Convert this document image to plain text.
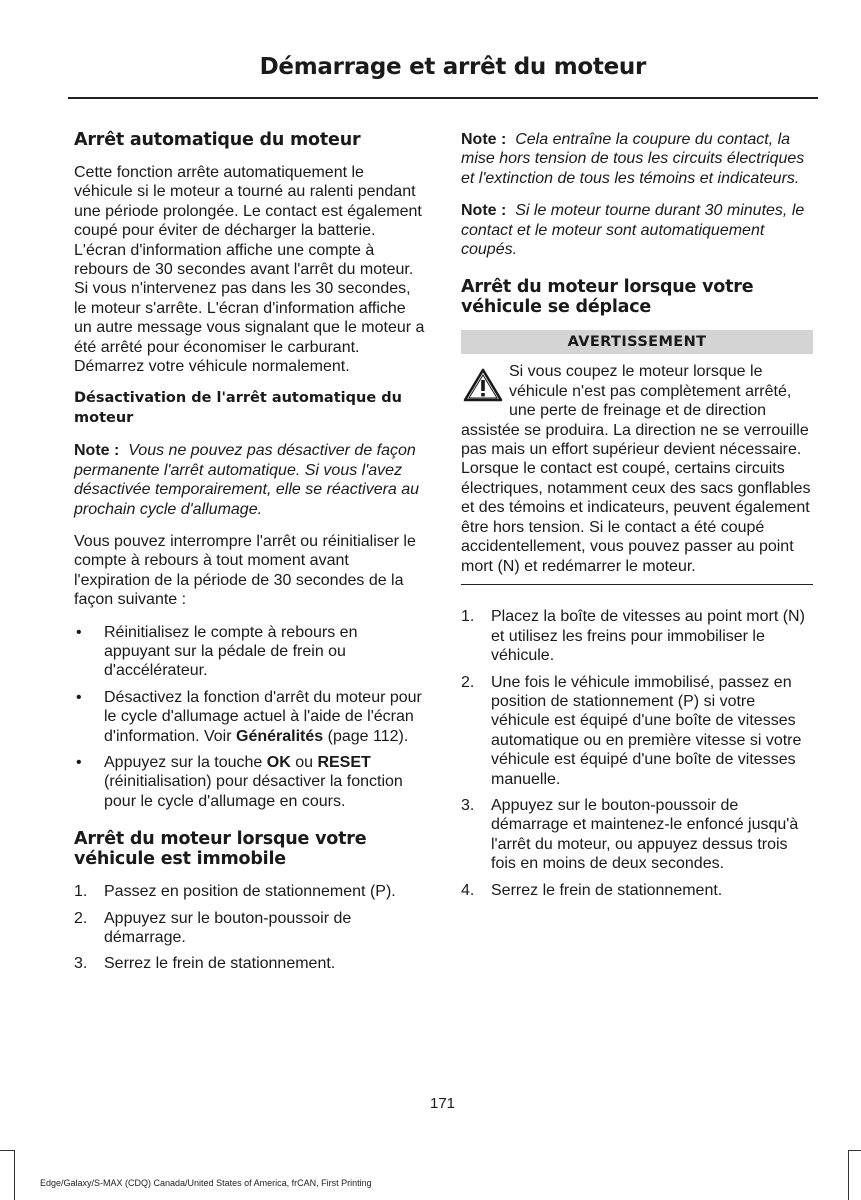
Démarrage et arrêt du moteur
Arrêt automatique du moteur

Cette fonction arrête automatiquement le véhicule si le moteur a tourné au ralenti pendant une période prolongée. Le contact est également coupé pour éviter de décharger la batterie. L'écran d'information affiche une compte à rebours de 30 secondes avant l'arrêt du moteur. Si vous n'intervenez pas dans les 30 secondes, le moteur s'arrête. L'écran d'information affiche un autre message vous signalant que le moteur a été arrêté pour économiser le carburant. Démarrez votre véhicule normalement.

Désactivation de l'arrêt automatique du moteur

Note : Vous ne pouvez pas désactiver de façon permanente l'arrêt automatique. Si vous l'avez désactivée temporairement, elle se réactivera au prochain cycle d'allumage.

Vous pouvez interrompre l'arrêt ou réinitialiser le compte à rebours à tout moment avant l'expiration de la période de 30 secondes de la façon suivante :

• Réinitialisez le compte à rebours en appuyant sur la pédale de frein ou d'accélérateur.
• Désactivez la fonction d'arrêt du moteur pour le cycle d'allumage actuel à l'aide de l'écran d'information. Voir Généralités (page 112).
• Appuyez sur la touche OK ou RESET (réinitialisation) pour désactiver la fonction pour le cycle d'allumage en cours.
Arrêt du moteur lorsque votre véhicule est immobile
1. Passez en position de stationnement (P).
2. Appuyez sur le bouton-poussoir de démarrage.
3. Serrez le frein de stationnement.

Note : Cela entraîne la coupure du contact, la mise hors tension de tous les circuits électriques et l'extinction de tous les témoins et indicateurs.

Note : Si le moteur tourne durant 30 minutes, le contact et le moteur sont automatiquement coupés.

Arrêt du moteur lorsque votre véhicule se déplace
AVERTISSEMENT
Si vous coupez le moteur lorsque le véhicule n'est pas complètement arrêté, une perte de freinage et de direction assistée se produira. La direction ne se verrouille pas mais un effort supérieur devient nécessaire. Lorsque le contact est coupé, certains circuits électriques, notamment ceux des sacs gonflables et des témoins et indicateurs, peuvent également être hors tension. Si le contact a été coupé accidentellement, vous pouvez passer au point mort (N) et redémarrer le moteur.
1. Placez la boîte de vitesses au point mort (N) et utilisez les freins pour immobiliser le véhicule.
2. Une fois le véhicule immobilisé, passez en position de stationnement (P) si votre véhicule est équipé d'une boîte de vitesses automatique ou en première vitesse si votre véhicule est équipé d'une boîte de vitesses manuelle.
3. Appuyez sur le bouton-poussoir de démarrage et maintenez-le enfoncé jusqu'à l'arrêt du moteur, ou appuyez dessus trois fois en moins de deux secondes.
4. Serrez le frein de stationnement.
171
Edge/Galaxy/S-MAX (CDQ) Canada/United States of America, frCAN, First Printing
